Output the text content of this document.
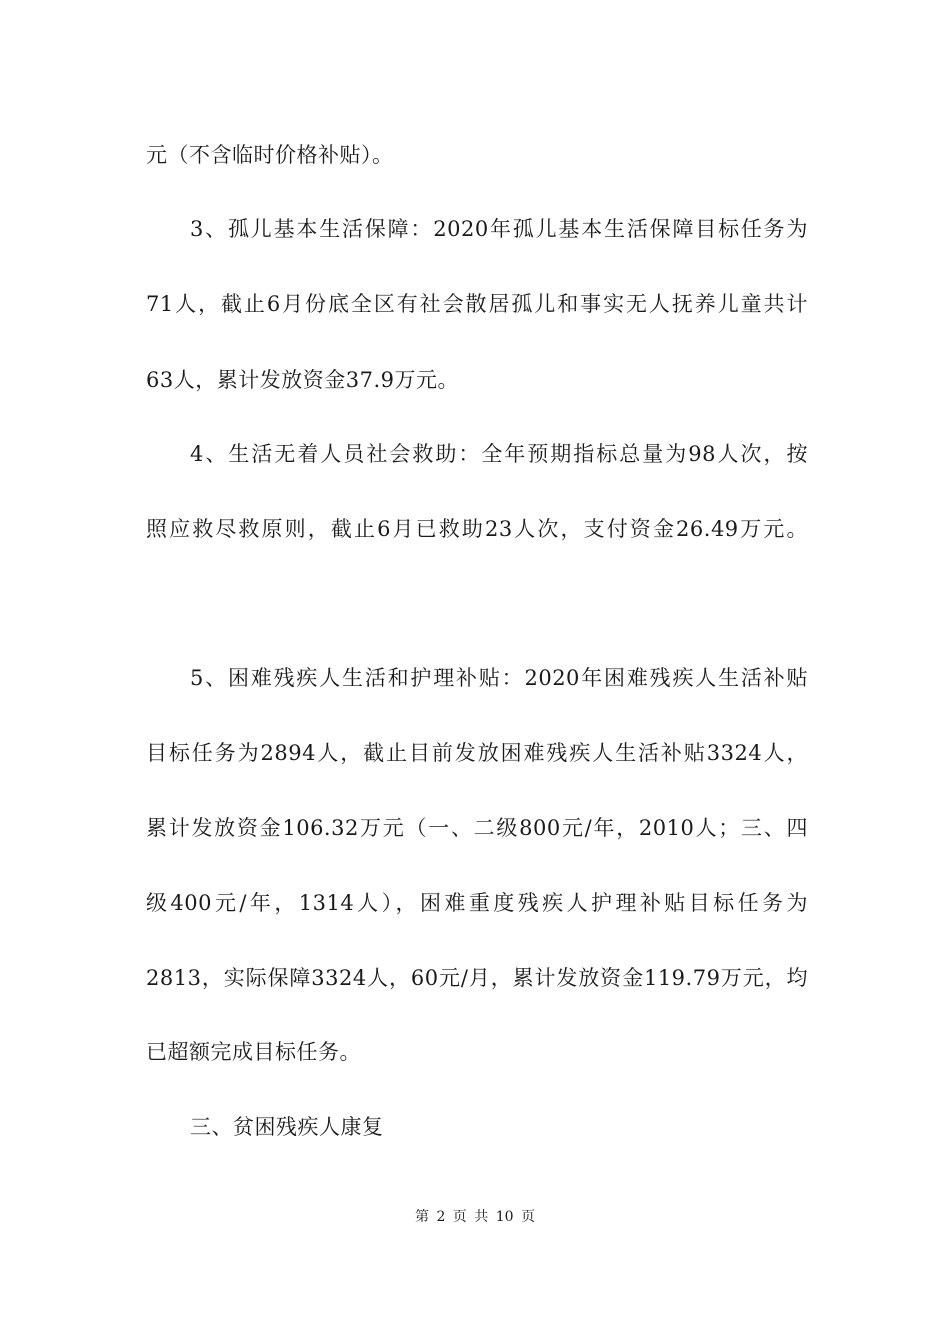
元（不含临时价格补贴）。
3、孤儿基本生活保障：2020年孤儿基本生活保障目标任务为
71人，截止6月份底全区有社会散居孤儿和事实无人抚养儿童共计
63人，累计发放资金37.9万元。
4、生活无着人员社会救助：全年预期指标总量为98人次，按
照应救尽救原则，截止6月已救助23人次，支付资金26.49万元。
5、困难残疾人生活和护理补贴：2020年困难残疾人生活补贴
目标任务为2894人，截止目前发放困难残疾人生活补贴3324人，
累计发放资金106.32万元（一、二级800元/年，2010人；三、四
级400元/年，1314人），困难重度残疾人护理补贴目标任务为
2813，实际保障3324人，60元/月，累计发放资金119.79万元，均
已超额完成目标任务。
三、贫困残疾人康复
第 2 页 共 10 页
